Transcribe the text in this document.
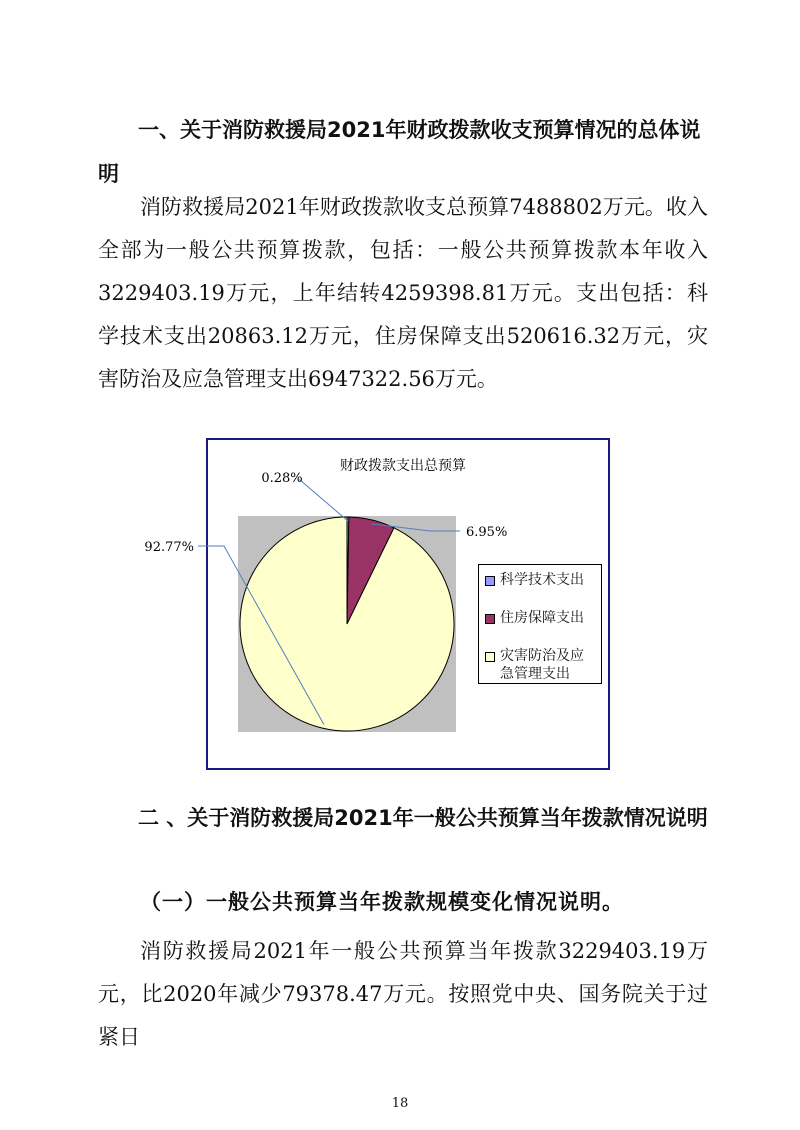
一、关于消防救援局2021年财政拨款收支预算情况的总体说明

消防救援局2021年财政拨款收支总预算7488802万元。收入全部为一般公共预算拨款，包括：一般公共预算拨款本年收入3229403.19万元，上年结转4259398.81万元。支出包括：科学技术支出20863.12万元，住房保障支出520616.32万元，灾害防治及应急管理支出6947322.56万元。

财政拨款支出总预算
0.28%
6.95%
92.77%
科学技术支出
住房保障支出
灾害防治及应
急管理支出
二 、关于消防救援局2021年一般公共预算当年拨款情况说明
（一）一般公共预算当年拨款规模变化情况说明。

消防救援局2021年一般公共预算当年拨款3229403.19万元，比2020年减少79378.47万元。按照党中央、国务院关于过紧日

18
